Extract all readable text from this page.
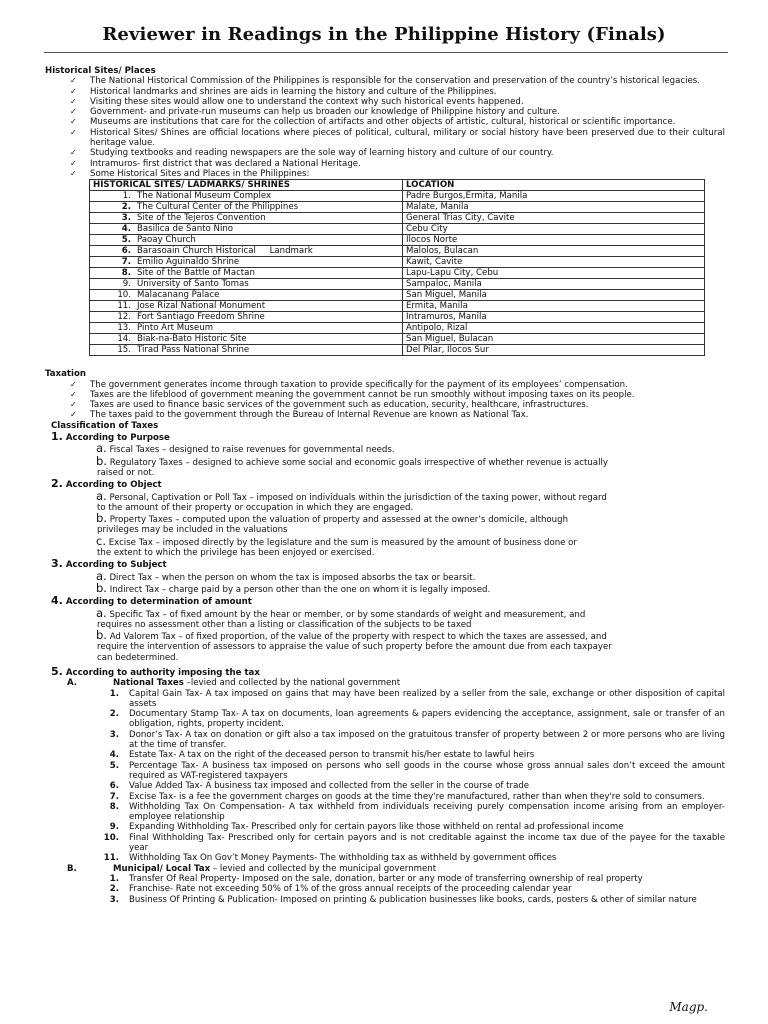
Reviewer in Readings in the Philippine History (Finals)
Historical Sites/ Places
✓ The National Historical Commission of the Philippines is responsible for the conservation and preservation of the country’s historical legacies.
✓ Historical landmarks and shrines are aids in learning the history and culture of the Philippines.
✓ Visiting these sites would allow one to understand the context why such historical events happened.
✓ Government- and private-run museums can help us broaden our knowledge of Philippine history and culture.
✓ Museums are institutions that care for the collection of artifacts and other objects of artistic, cultural, historical or scientific importance.
✓ Historical Sites/ Shines are official locations where pieces of political, cultural, military or social history have been preserved due to their cultural heritage value.
✓ Studying textbooks and reading newspapers are the sole way of learning history and culture of our country.
✓ Intramuros- first district that was declared a National Heritage.
✓ Some Historical Sites and Places in the Philippines:
HISTORICAL SITES/ LADMARKS/ SHRINES	LOCATION
1. The National Museum Complex	Padre Burgos,Ermita, Manila
2. The Cultural Center of the Philippines	Malate, Manila
3. Site of the Tejeros Convention	General Trias City, Cavite
4. Basilica de Santo Nino	Cebu City
5. Paoay Church	Ilocos Norte
6. Barasoain Church Historical     Landmark	Malolos, Bulacan
7. Emilio Aguinaldo Shrine	Kawit, Cavite
8. Site of the Battle of Mactan	Lapu-Lapu City, Cebu
9. University of Santo Tomas	Sampaloc, Manila
10. Malacanang Palace	San Miguel, Manila
11. Jose Rizal National Monument	Ermita, Manila
12. Fort Santiago Freedom Shrine	Intramuros, Manila
13. Pinto Art Museum	Antipolo, Rizal
14. Biak-na-Bato Historic Site	San Miguel, Bulacan
15. Tirad Pass National Shrine	Del Pilar, Ilocos Sur
Taxation
✓ The government generates income through taxation to provide specifically for the payment of its employees’ compensation.
✓ Taxes are the lifeblood of government meaning the government cannot be run smoothly without imposing taxes on its people.
✓ Taxes are used to finance basic services of the government such as education, security, healthcare, infrastructures.
✓ The taxes paid to the government through the Bureau of Internal Revenue are known as National Tax.
Classification of Taxes
1. According to Purpose
a. Fiscal Taxes – designed to raise revenues for governmental needs.
b. Regulatory Taxes – designed to achieve some social and economic goals irrespective of whether revenue is actually
raised or not.
2. According to Object
a. Personal, Captivation or Poll Tax – imposed on individuals within the jurisdiction of the taxing power, without regard
to the amount of their property or occupation in which they are engaged.
b. Property Taxes – computed upon the valuation of property and assessed at the owner’s domicile, although
privileges may be included in the valuations
c. Excise Tax – imposed directly by the legislature and the sum is measured by the amount of business done or
the extent to which the privilege has been enjoyed or exercised.
3. According to Subject
a. Direct Tax – when the person on whom the tax is imposed absorbs the tax or bearsit.
b. Indirect Tax – charge paid by a person other than the one on whom it is legally imposed.
4. According to determination of amount
a. Specific Tax – of fixed amount by the hear or member, or by some standards of weight and measurement, and
requires no assessment other than a listing or classification of the subjects to be taxed
b. Ad Valorem Tax – of fixed proportion, of the value of the property with respect to which the taxes are assessed, and
require the intervention of assessors to appraise the value of such property before the amount due from each taxpayer
can bedetermined.
5. According to authority imposing the tax
A.	National Taxes –levied and collected by the national government
1. Capital Gain Tax- A tax imposed on gains that may have been realized by a seller from the sale, exchange or other disposition of capital assets
2. Documentary Stamp Tax- A tax on documents, loan agreements & papers evidencing the acceptance, assignment, sale or transfer of an obligation, rights, property incident.
3. Donor’s Tax- A tax on donation or gift also a tax imposed on the gratuitous transfer of property between 2 or more persons who are living at the time of transfer.
4. Estate Tax- A tax on the right of the deceased person to transmit his/her estate to lawful heirs
5. Percentage Tax- A business tax imposed on persons who sell goods in the course whose gross annual sales don’t exceed the amount required as VAT-registered taxpayers
6. Value Added Tax- A business tax imposed and collected from the seller in the course of trade
7. Excise Tax- is a fee the government charges on goods at the time they're manufactured, rather than when they're sold to consumers.
8. Withholding Tax On Compensation- A tax withheld from individuals receiving purely compensation income arising from an employer-employee relationship
9. Expanding Withholding Tax- Prescribed only for certain payors like those withheld on rental ad professional income
10. Final Withholding Tax- Prescribed only for certain payors and is not creditable against the income tax due of the payee for the taxable year
11. Withholding Tax On Gov’t Money Payments- The withholding tax as withheld by government offices
B.	Municipal/ Local Tax – levied and collected by the municipal government
1. Transfer Of Real Property- Imposed on the sale, donation, barter or any mode of transferring ownership of real property
2. Franchise- Rate not exceeding 50% of 1% of the gross annual receipts of the proceeding calendar year
3. Business Of Printing & Publication- Imposed on printing & publication businesses like books, cards, posters & other of similar nature
Magp.
